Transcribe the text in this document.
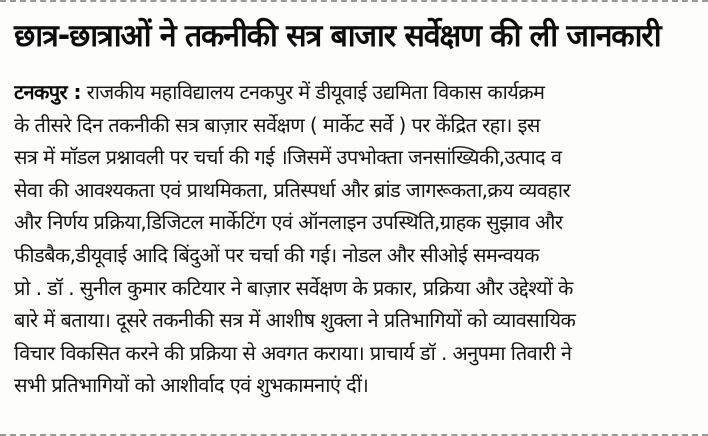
छात्र-छात्राओं ने तकनीकी सत्र बाजार सर्वेक्षण की ली जानकारी
टनकपुर : राजकीय महाविद्यालय टनकपुर में डीयूवाई उद्यमिता विकास कार्यक्रम
के तीसरे दिन तकनीकी सत्र बाज़ार सर्वेक्षण ( मार्केट सर्वे ) पर केंद्रित रहा। इस
सत्र में मॉडल प्रश्नावली पर चर्चा की गई ।जिसमें उपभोक्ता जनसांख्यिकी,उत्पाद व
सेवा की आवश्यकता एवं प्राथमिकता, प्रतिस्पर्धा और ब्रांड जागरूकता,क्रय व्यवहार
और निर्णय प्रक्रिया,डिजिटल मार्केटिंग एवं ऑनलाइन उपस्थिति,ग्राहक सुझाव और
फीडबैक,डीयूवाई आदि बिंदुओं पर चर्चा की गई। नोडल और सीओई समन्वयक
प्रो . डॉ . सुनील कुमार कटियार ने बाज़ार सर्वेक्षण के प्रकार, प्रक्रिया और उद्देश्यों के
बारे में बताया। दूसरे तकनीकी सत्र में आशीष शुक्ला ने प्रतिभागियों को व्यावसायिक
विचार विकसित करने की प्रक्रिया से अवगत कराया। प्राचार्य डॉ . अनुपमा तिवारी ने
सभी प्रतिभागियों को आशीर्वाद एवं शुभकामनाएं दीं।
